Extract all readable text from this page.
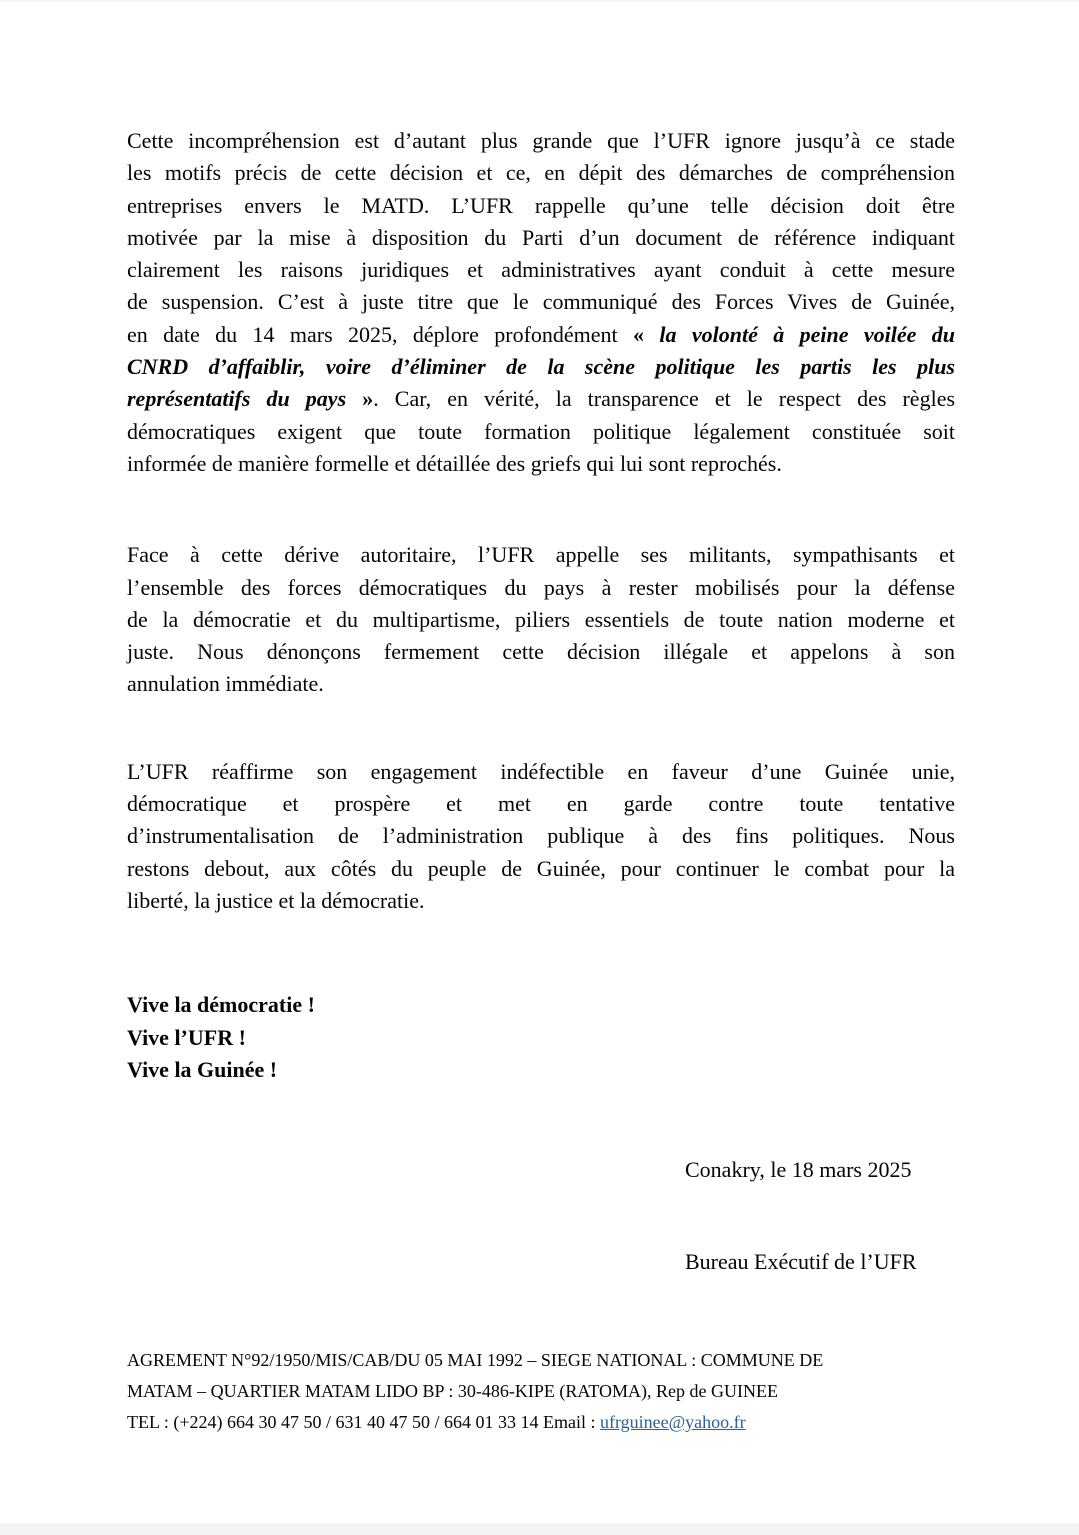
Cette incompréhension est d’autant plus grande que l’UFR ignore jusqu’à ce stade
les motifs précis de cette décision et ce, en dépit des démarches de compréhension
entreprises envers le MATD. L’UFR rappelle qu’une telle décision doit être
motivée par la mise à disposition du Parti d’un document de référence indiquant
clairement les raisons juridiques et administratives ayant conduit à cette mesure
de suspension. C’est à juste titre que le communiqué des Forces Vives de Guinée,
en date du 14 mars 2025, déplore profondément « la volonté à peine voilée du
CNRD d’affaiblir, voire d’éliminer de la scène politique les partis les plus
représentatifs du pays ». Car, en vérité, la transparence et le respect des règles
démocratiques exigent que toute formation politique légalement constituée soit
informée de manière formelle et détaillée des griefs qui lui sont reprochés.
Face à cette dérive autoritaire, l’UFR appelle ses militants, sympathisants et
l’ensemble des forces démocratiques du pays à rester mobilisés pour la défense
de la démocratie et du multipartisme, piliers essentiels de toute nation moderne et
juste. Nous dénonçons fermement cette décision illégale et appelons à son
annulation immédiate.
L’UFR réaffirme son engagement indéfectible en faveur d’une Guinée unie,
démocratique et prospère et met en garde contre toute tentative
d’instrumentalisation de l’administration publique à des fins politiques. Nous
restons debout, aux côtés du peuple de Guinée, pour continuer le combat pour la
liberté, la justice et la démocratie.
Vive la démocratie !
Vive l’UFR !
Vive la Guinée !
Conakry, le 18 mars 2025
Bureau Exécutif de l’UFR
AGREMENT N°92/1950/MIS/CAB/DU 05 MAI 1992 – SIEGE NATIONAL : COMMUNE DE
MATAM – QUARTIER MATAM LIDO BP : 30-486-KIPE (RATOMA), Rep de GUINEE
TEL : (+224) 664 30 47 50 / 631 40 47 50 / 664 01 33 14 Email : ufrguinee@yahoo.fr
